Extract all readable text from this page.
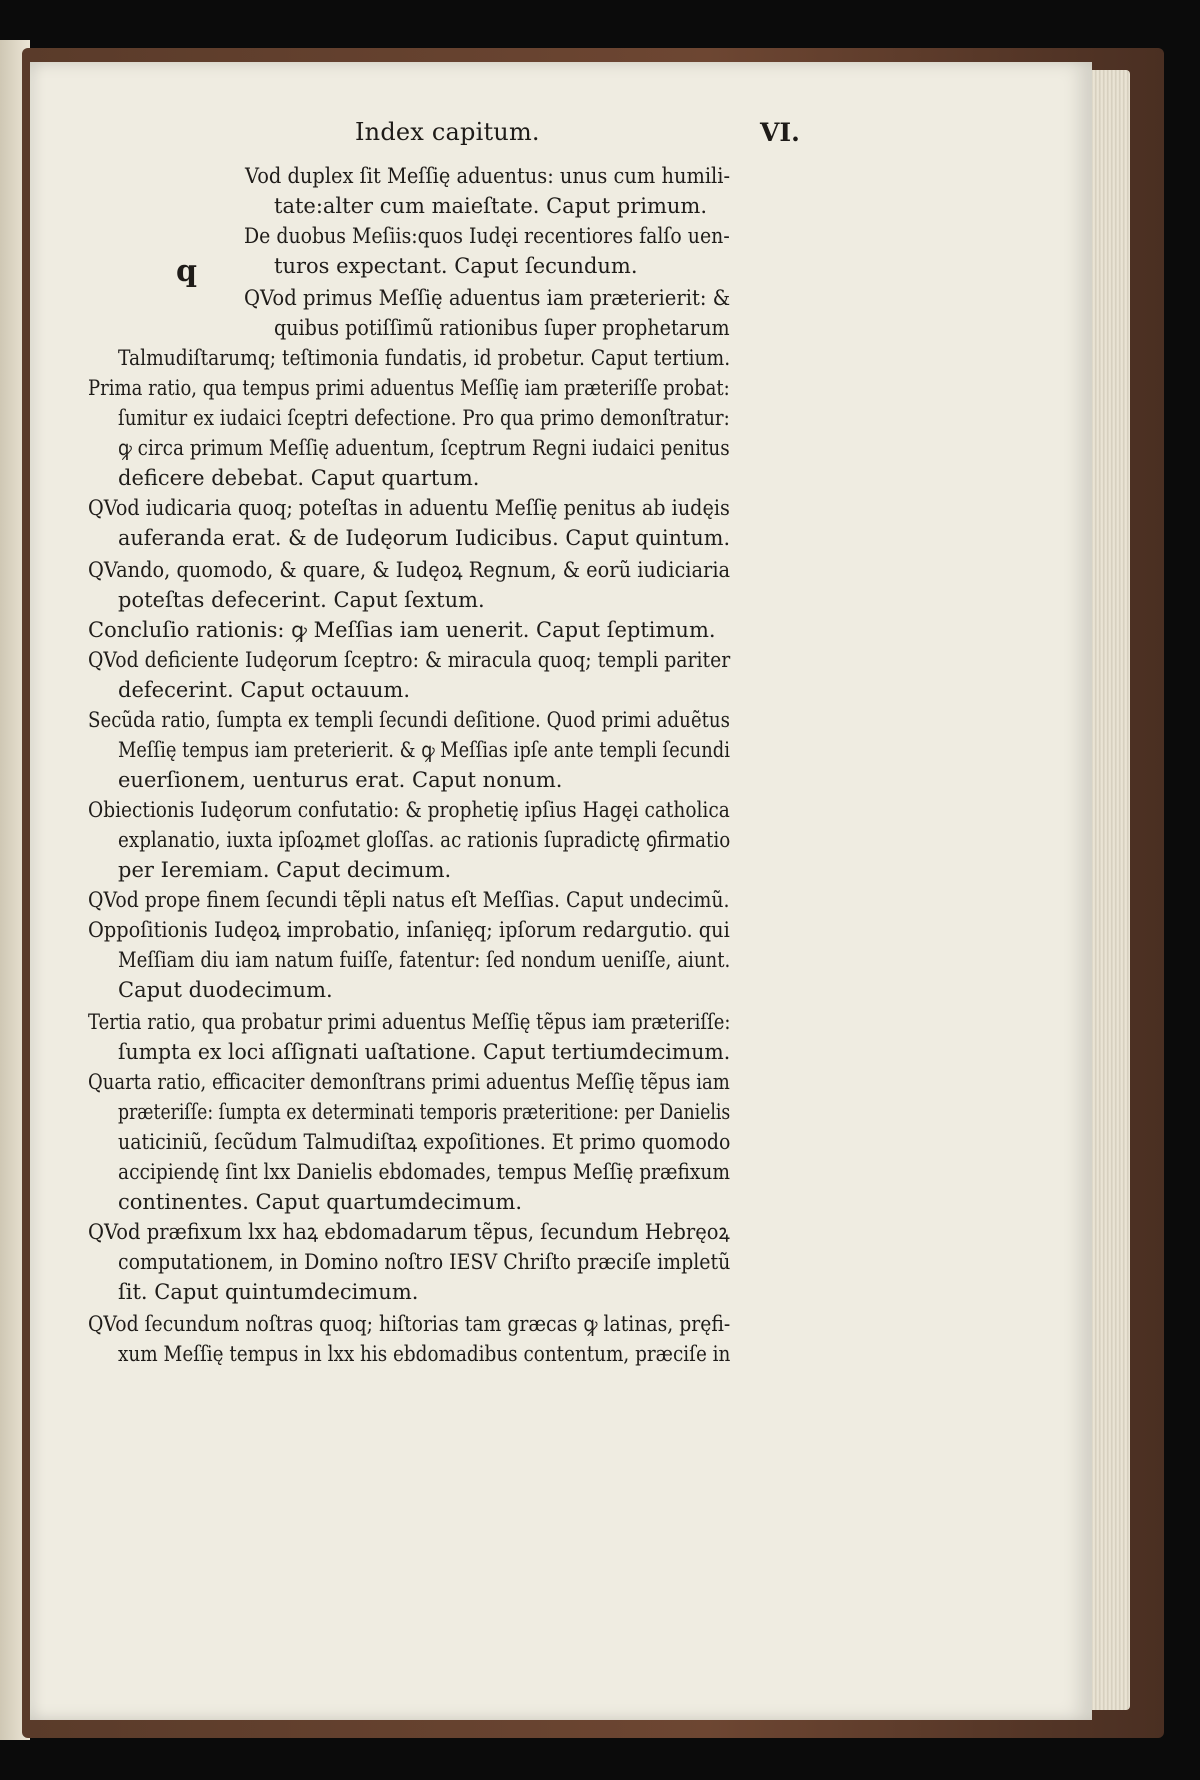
Index capitum.	VI.
q
Vod duplex ſit Meſſię aduentus: unus cum humili‑
tate:alter cum maieſtate. Caput primum.
De duobus Meſiis:quos Iudęi recentiores falſo uen‑
turos expectant. Caput ſecundum.
QVod primus Meſſię aduentus iam præterierit: &
quibus potiſſimũ rationibus ſuper prophetarum
Talmudiſtarumq; teſtimonia fundatis, id probetur. Caput tertium.
Prima ratio, qua tempus primi aduentus Meſſię iam præteriſſe probat:
ſumitur ex iudaici ſceptri defectione. Pro qua primo demonſtratur:
ꝙ circa primum Meſſię aduentum, ſceptrum Regni iudaici penitus
deficere debebat. Caput quartum.
QVod iudicaria quoq; poteſtas in aduentu Meſſię penitus ab iudęis
auferanda erat. & de Iudęorum Iudicibus. Caput quintum.
QVando, quomodo, & quare, & Iudęoꝝ Regnum, & eorũ iudiciaria
poteſtas defecerint. Caput ſextum.
Concluſio rationis: ꝙ Meſſias iam uenerit. Caput ſeptimum.
QVod deficiente Iudęorum ſceptro: & miracula quoq; templi pariter
defecerint. Caput octauum.
Secũda ratio, ſumpta ex templi ſecundi deſitione. Quod primi aduẽtus
Meſſię tempus iam preterierit. & ꝙ Meſſias ipſe ante templi ſecundi
euerſionem, uenturus erat. Caput nonum.
Obiectionis Iudęorum confutatio: & prophetię ipſius Hagęi catholica
explanatio, iuxta ipſoꝝmet gloſſas. ac rationis ſupradictę ꝯfirmatio
per Ieremiam. Caput decimum.
QVod prope finem ſecundi tẽpli natus eſt Meſſias. Caput undecimũ.
Oppoſitionis Iudęoꝝ improbatio, inſanięq; ipſorum redargutio. qui
Meſſiam diu iam natum fuiſſe, fatentur: ſed nondum ueniſſe, aiunt.
Caput duodecimum.
Tertia ratio, qua probatur primi aduentus Meſſię tẽpus iam præteriſſe:
ſumpta ex loci aſſignati uaſtatione. Caput tertiumdecimum.
Quarta ratio, efficaciter demonſtrans primi aduentus Meſſię tẽpus iam
præteriſſe: ſumpta ex determinati temporis præteritione: per Danielis
uaticiniũ, ſecũdum Talmudiſtaꝝ expoſitiones. Et primo quomodo
accipiendę ſint lxx Danielis ebdomades, tempus Meſſię præfixum
continentes. Caput quartumdecimum.
QVod præfixum lxx haꝝ ebdomadarum tẽpus, ſecundum Hebręoꝝ
computationem, in Domino noſtro IESV Chriſto præciſe impletũ
ſit. Caput quintumdecimum.
QVod ſecundum noſtras quoq; hiſtorias tam græcas ꝙ latinas, pręfi‑
xum Meſſię tempus in lxx his ebdomadibus contentum, præciſe in
